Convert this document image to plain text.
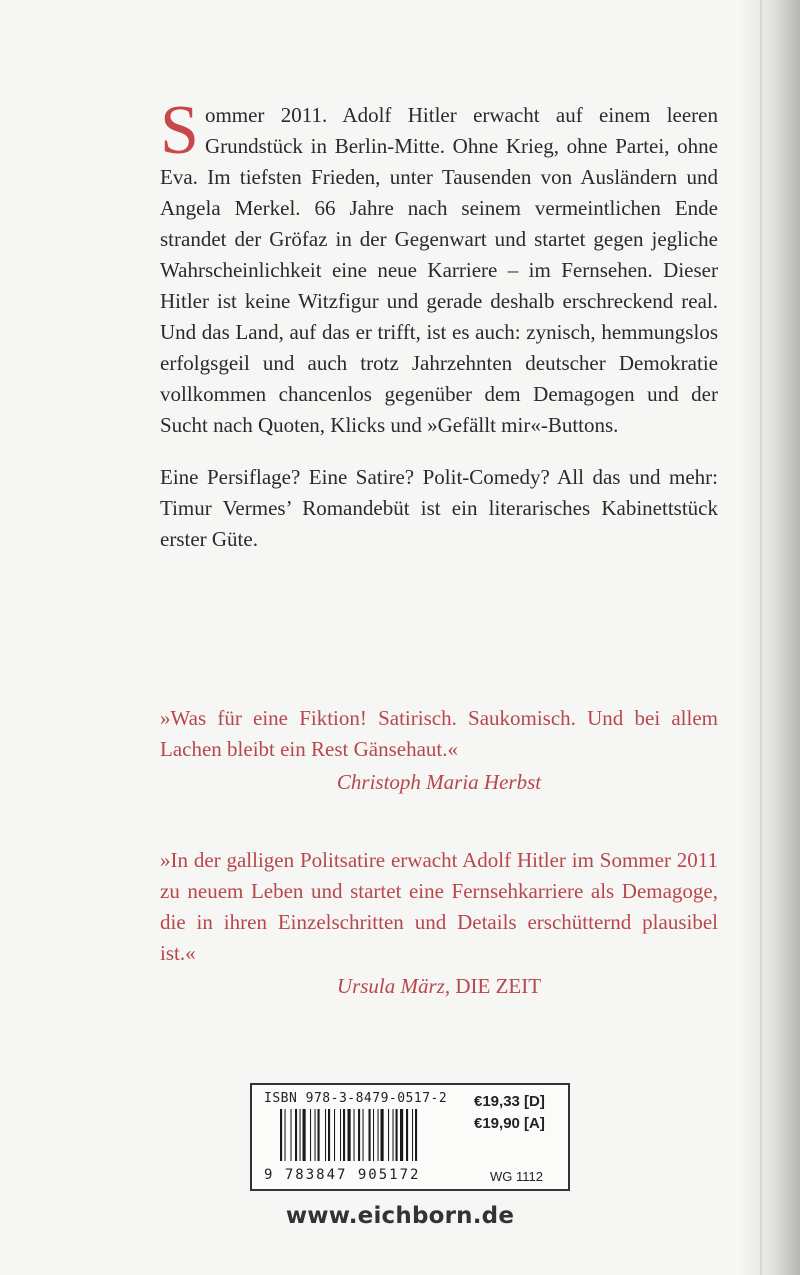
Sommer 2011. Adolf Hitler erwacht auf einem leeren Grundstück in Berlin-Mitte. Ohne Krieg, ohne Partei, ohne Eva. Im tiefsten Frieden, unter Tausenden von Ausländern und Angela Merkel. 66 Jahre nach seinem vermeintlichen Ende strandet der Gröfaz in der Gegenwart und startet gegen jegliche Wahrscheinlichkeit eine neue Karriere – im Fernsehen. Dieser Hitler ist keine Witzfigur und gerade deshalb erschreckend real. Und das Land, auf das er trifft, ist es auch: zynisch, hemmungslos erfolgsgeil und auch trotz Jahrzehnten deutscher Demokratie vollkommen chancenlos gegenüber dem Demagogen und der Sucht nach Quoten, Klicks und »Gefällt mir«-Buttons.

Eine Persiflage? Eine Satire? Polit-Comedy? All das und mehr: Timur Vermes’ Romandebüt ist ein literarisches Kabinettstück erster Güte.

»Was für eine Fiktion! Satirisch. Saukomisch. Und bei allem Lachen bleibt ein Rest Gänsehaut.«

Christoph Maria Herbst

»In der galligen Politsatire erwacht Adolf Hitler im Sommer 2011 zu neuem Leben und startet eine Fernsehkarriere als Demagoge, die in ihren Einzelschritten und Details erschütternd plausibel ist.«

Ursula März, DIE ZEIT

ISBN 978-3-8479-0517-2
9 783847 905172
€19,33 [D]
€19,90 [A]
WG 1112
www.eichborn.de
